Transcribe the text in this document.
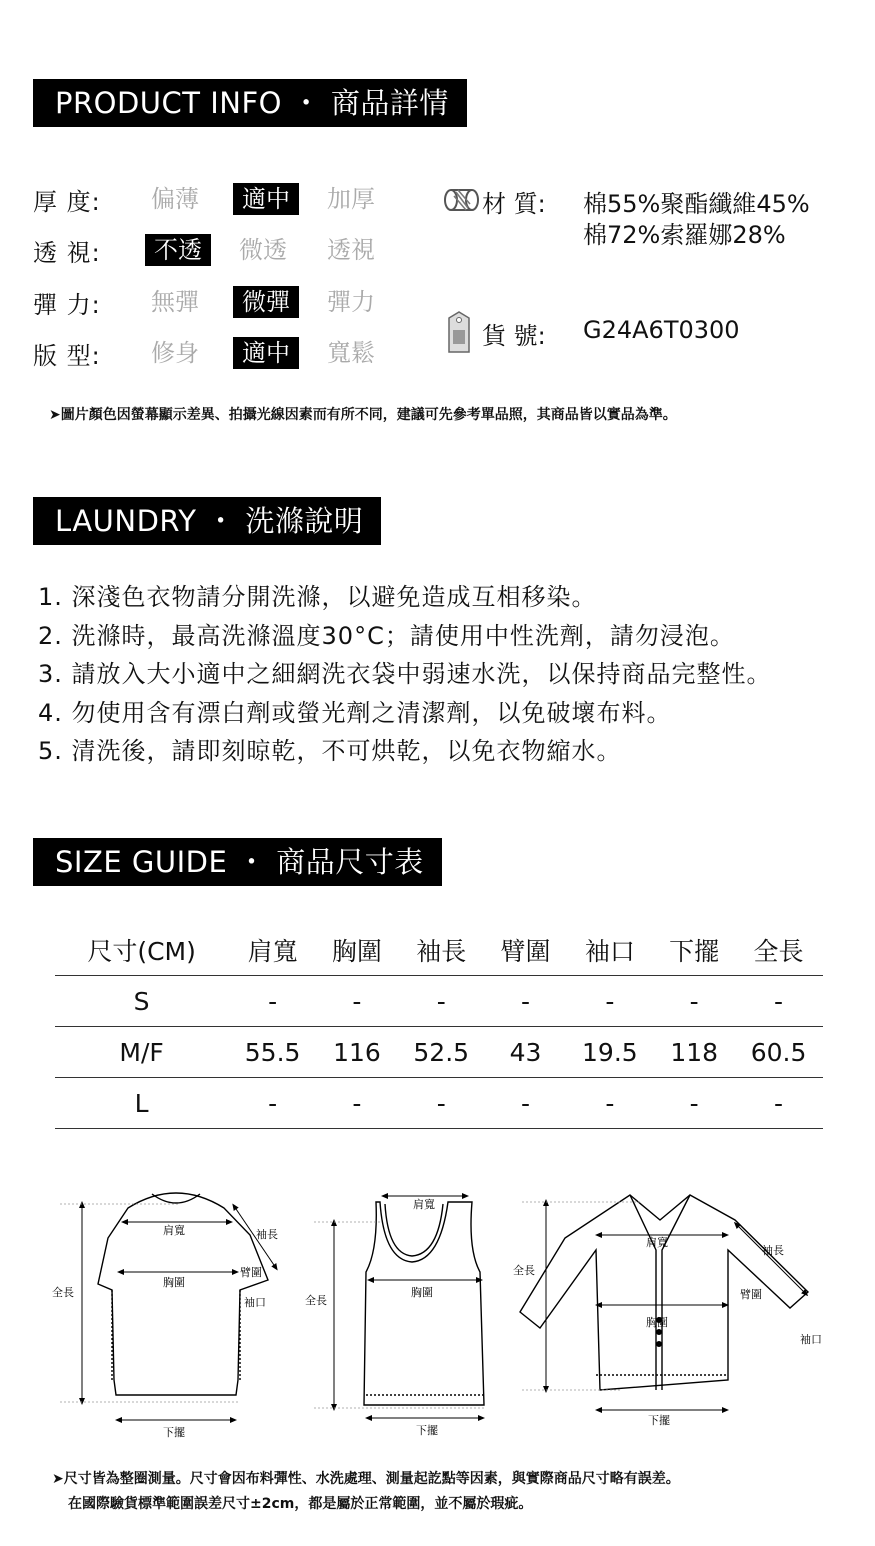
PRODUCT INFO ・ 商品詳情
厚 度:	偏薄	適中	加厚
透 視:	不透	微透 透視
彈 力:	無彈	微彈	彈力
版 型:	修身	適中	寬鬆
材 質: 棉55%聚酯纖維45%
棉72%索羅娜28%
貨 號: G24A6T0300
➤圖片顏色因螢幕顯示差異、拍攝光線因素而有所不同，建議可先參考單品照，其商品皆以實品為準。
LAUNDRY ・ 洗滌說明
1. 深淺色衣物請分開洗滌，以避免造成互相移染。
2. 洗滌時，最高洗滌溫度30°C；請使用中性洗劑，請勿浸泡。
3. 請放入大小適中之細網洗衣袋中弱速水洗，以保持商品完整性。
4. 勿使用含有漂白劑或螢光劑之清潔劑，以免破壞布料。
5. 清洗後，請即刻晾乾，不可烘乾，以免衣物縮水。
SIZE GUIDE ・ 商品尺寸表
尺寸(CM)	肩寬	胸圍	袖長	臂圍	袖口	下擺	全長
S	-	-	-	-	-	-	-
M/F	55.5	116	52.5	43	19.5	118	60.5
L	-	-	-	-	-	-	-
肩寬
胸圍
袖長
臂圍
袖口
全長
下擺
肩寬
胸圍
全長
下擺
肩寬
胸圍
袖長
臂圍
袖口
全長
下擺
➤尺寸皆為整圈測量。尺寸會因布料彈性、水洗處理、測量起訖點等因素，與實際商品尺寸略有誤差。
在國際驗貨標準範圍誤差尺寸±2cm，都是屬於正常範圍，並不屬於瑕疵。
